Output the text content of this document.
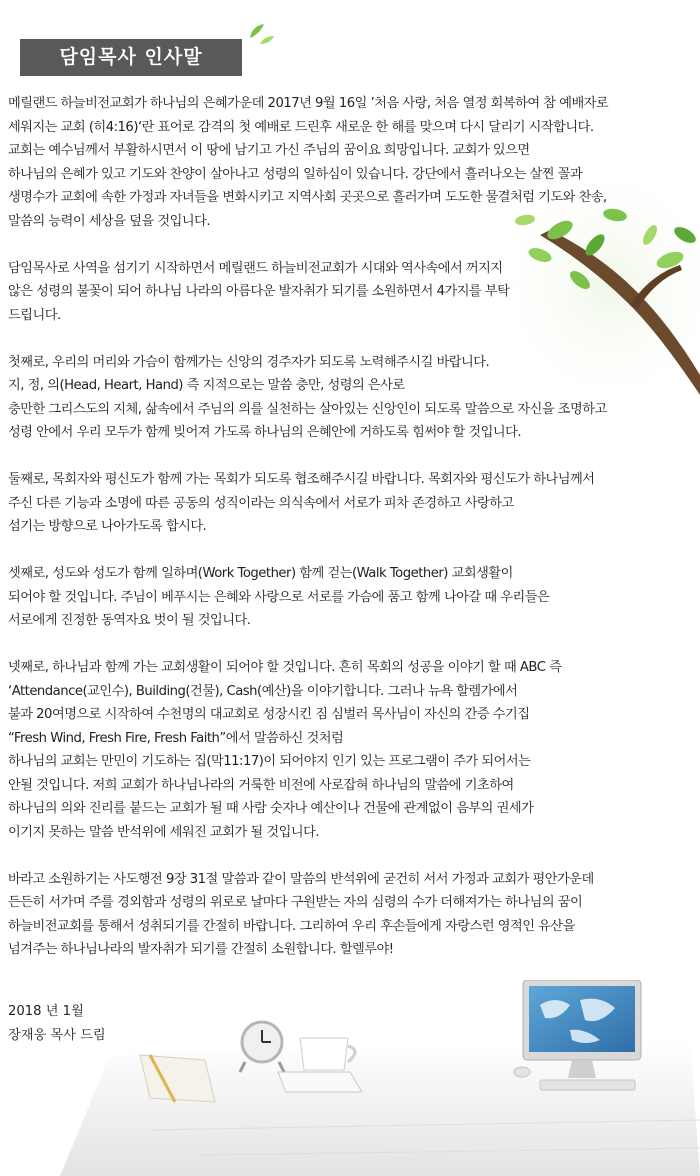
담임목사 인사말

메릴랜드 하늘비전교회가 하나님의 은혜가운데 2017년 9월 16일 ’처음 사랑, 처음 열정 회복하여 참 예배자로

세워지는 교회 (히4:16)‘란 표어로 감격의 첫 예배로 드린후 새로운 한 해를 맞으며 다시 달리기 시작합니다.

교회는 예수님께서 부활하시면서 이 땅에 남기고 가신 주님의 꿈이요 희망입니다. 교회가 있으면

하나님의 은혜가 있고 기도와 찬양이 살아나고 성령의 일하심이 있습니다. 강단에서 흘러나오는 살찐 꼴과

생명수가 교회에 속한 가정과 자녀들을 변화시키고 지역사회 곳곳으로 흘러가며 도도한 물결처럼 기도와 찬송,

말씀의 능력이 세상을 덮을 것입니다.

담임목사로 사역을 섬기기 시작하면서 메릴랜드 하늘비전교회가 시대와 역사속에서 꺼지지

않은 성령의 불꽃이 되어 하나님 나라의 아름다운 발자취가 되기를 소원하면서 4가지를 부탁

드립니다.

첫째로, 우리의 머리와 가슴이 함께가는 신앙의 경주자가 되도록 노력해주시길 바랍니다.

지, 정, 의(Head, Heart, Hand) 즉 지적으로는 말씀 충만, 성령의 은사로

충만한 그리스도의 지체, 삶속에서 주님의 의를 실천하는 살아있는 신앙인이 되도록 말씀으로 자신을 조명하고

성령 안에서 우리 모두가 함께 빚어져 가도록 하나님의 은혜안에 거하도록 힘써야 할 것입니다.

둘째로, 목회자와 평신도가 함께 가는 목회가 되도록 협조해주시길 바랍니다. 목회자와 평신도가 하나님께서

주신 다른 기능과 소명에 따른 공동의 성직이라는 의식속에서 서로가 피차 존경하고 사랑하고

섬기는 방향으로 나아가도록 합시다.

셋째로, 성도와 성도가 함께 일하며(Work Together) 함께 걷는(Walk Together) 교회생활이

되어야 할 것입니다. 주님이 베푸시는 은혜와 사랑으로 서로를 가슴에 품고 함께 나아갈 때 우리들은

서로에게 진정한 동역자요 벗이 될 것입니다.

넷째로, 하나님과 함께 가는 교회생활이 되어야 할 것입니다. 흔히 목회의 성공을 이야기 할 때 ABC 즉

‘Attendance(교인수), Building(건물), Cash(예산)을 이야기합니다. 그러나 뉴욕 할렘가에서

불과 20여명으로 시작하여 수천명의 대교회로 성장시킨 짐 심벌러 목사님이 자신의 간증 수기집

“Fresh Wind, Fresh Fire, Fresh Faith”에서 말씀하신 것처럼

하나님의 교회는 만민이 기도하는 집(막11:17)이 되어야지 인기 있는 프로그램이 주가 되어서는

안될 것입니다. 저희 교회가 하나님나라의 거룩한 비전에 사로잡혀 하나님의 말씀에 기초하여

하나님의 의와 진리를 붙드는 교회가 될 때 사람 숫자나 예산이나 건물에 관계없이 음부의 권세가

이기지 못하는 말씀 반석위에 세워진 교회가 될 것입니다.

바라고 소원하기는 사도행전 9장 31절 말씀과 같이 말씀의 반석위에 굳건히 서서 가정과 교회가 평안가운데

든든히 서가며 주를 경외함과 성령의 위로로 날마다 구원받는 자의 심령의 수가 더해져가는 하나님의 꿈이

하늘비전교회를 통해서 성취되기를 간절히 바랍니다. 그리하여 우리 후손들에게 자랑스런 영적인 유산을

넘겨주는 하나님나라의 발자취가 되기를 간절히 소원합니다. 할렐루야!

2018 년 1월

장재웅 목사 드림
